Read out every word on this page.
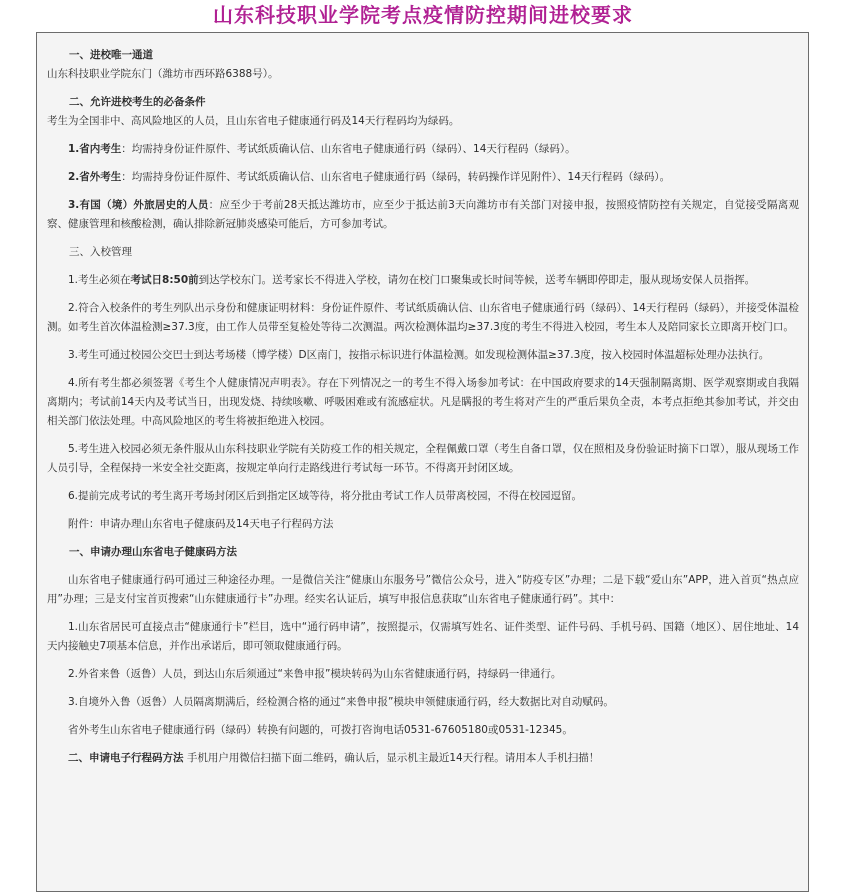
山东科技职业学院考点疫情防控期间进校要求

一、进校唯一通道

山东科技职业学院东门（潍坊市西环路6388号）。

二、允许进校考生的必备条件

考生为全国非中、高风险地区的人员，且山东省电子健康通行码及14天行程码均为绿码。

1.省内考生：均需持身份证件原件、考试纸质确认信、山东省电子健康通行码（绿码）、14天行程码（绿码）。

2.省外考生：均需持身份证件原件、考试纸质确认信、山东省电子健康通行码（绿码，转码操作详见附件）、14天行程码（绿码）。

3.有国（境）外旅居史的人员：应至少于考前28天抵达潍坊市，应至少于抵达前3天向潍坊市有关部门对接申报，按照疫情防控有关规定，自觉接受隔离观察、健康管理和核酸检测，确认排除新冠肺炎感染可能后，方可参加考试。

三、入校管理

1.考生必须在考试日8:50前到达学校东门。送考家长不得进入学校，请勿在校门口聚集或长时间等候，送考车辆即停即走，服从现场安保人员指挥。

2.符合入校条件的考生列队出示身份和健康证明材料：身份证件原件、考试纸质确认信、山东省电子健康通行码（绿码）、14天行程码（绿码），并接受体温检测。如考生首次体温检测≥37.3度，由工作人员带至复检处等待二次测温。两次检测体温均≥37.3度的考生不得进入校园，考生本人及陪同家长立即离开校门口。

3.考生可通过校园公交巴士到达考场楼（博学楼）D区南门，按指示标识进行体温检测。如发现检测体温≥37.3度，按入校园时体温超标处理办法执行。

4.所有考生都必须签署《考生个人健康情况声明表》。存在下列情况之一的考生不得入场参加考试：在中国政府要求的14天强制隔离期、医学观察期或自我隔离期内；考试前14天内及考试当日，出现发烧、持续咳嗽、呼吸困难或有流感症状。凡是瞒报的考生将对产生的严重后果负全责，本考点拒绝其参加考试，并交由相关部门依法处理。中高风险地区的考生将被拒绝进入校园。

5.考生进入校园必须无条件服从山东科技职业学院有关防疫工作的相关规定，全程佩戴口罩（考生自备口罩，仅在照相及身份验证时摘下口罩），服从现场工作人员引导，全程保持一米安全社交距离，按规定单向行走路线进行考试每一环节。不得离开封闭区域。

6.提前完成考试的考生离开考场封闭区后到指定区域等待，将分批由考试工作人员带离校园，不得在校园逗留。

附件：申请办理山东省电子健康码及14天电子行程码方法

一、申请办理山东省电子健康码方法

山东省电子健康通行码可通过三种途径办理。一是微信关注“健康山东服务号”微信公众号，进入“防疫专区”办理；二是下载“爱山东”APP，进入首页“热点应用”办理；三是支付宝首页搜索“山东健康通行卡”办理。经实名认证后，填写申报信息获取“山东省电子健康通行码”。其中：

1.山东省居民可直接点击“健康通行卡”栏目，选中“通行码申请”，按照提示，仅需填写姓名、证件类型、证件号码、手机号码、国籍（地区）、居住地址、14天内接触史7项基本信息，并作出承诺后，即可领取健康通行码。

2.外省来鲁（返鲁）人员，到达山东后须通过“来鲁申报”模块转码为山东省健康通行码，持绿码一律通行。

3.自境外入鲁（返鲁）人员隔离期满后，经检测合格的通过“来鲁申报”模块申领健康通行码，经大数据比对自动赋码。

省外考生山东省电子健康通行码（绿码）转换有问题的，可拨打咨询电话0531-67605180或0531-12345。

二、申请电子行程码方法 手机用户用微信扫描下面二维码，确认后，显示机主最近14天行程。请用本人手机扫描！
